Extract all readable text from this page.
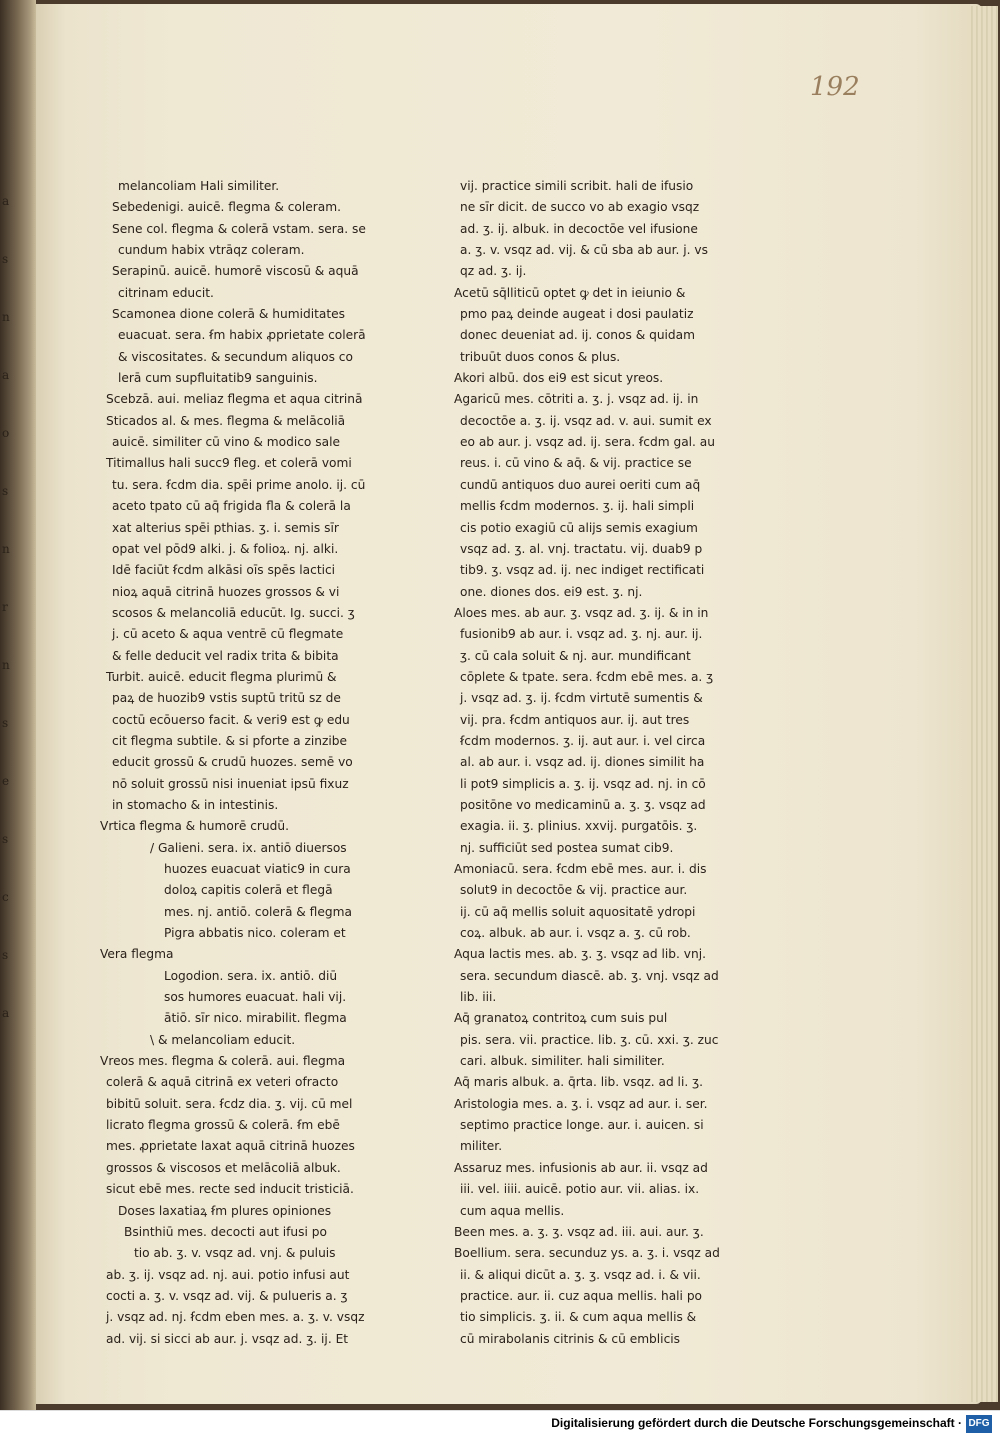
a
s
n
a
o
s
n
r
n
s
e
s
c
s
a
192
melancoliam Hali similiter.
Sebedenigi. auicē. flegma & coleram.
Sene col. flegma & colerā vstam. sera. se
cundum habix vtrāqz coleram.
Serapinū. auicē. humorē viscosū & aquā
citrinam educit.
Scamonea dione colerā & humiditates
euacuat. sera. ẜm habix ꝓprietate colerā
& viscositates. & secundum aliquos co
lerā cum supfluitatib9 sanguinis.
Scebzā. aui. meliaz flegma et aqua citrinā
Sticados al. & mes. flegma & melācoliā
auicē. similiter cū vino & modico sale
Titimallus hali succ9 fleg. et colerā vomi
tu. sera. ẜcdm dia. spēi prime anolo. ij. cū
aceto tpato cū aq̄ frigida fla & colerā la
xat alterius spēi pthias. ʒ. i. semis sīr
opat vel pōd9 alki. j. & folioꝝ. nj. alki.
Idē faciūt ẜcdm alkāsi oīs spēs lactici
nioꝝ aquā citrinā huozes grossos & vi
scosos & melancoliā educūt. Ig. succi. ʒ
j. cū aceto & aqua ventrē cū flegmate
& felle deducit vel radix trita & bibita
Turbit. auicē. educit flegma plurimū &
paꝝ de huozib9 vstis suptū tritū sz de
coctū ecōuerso facit. & veri9 est ꝙ edu
cit flegma subtile. & si pforte a zinzibe
educit grossū & crudū huozes. semē vo
nō soluit grossū nisi inueniat ipsū fixuz
in stomacho & in intestinis.
Vrtica flegma & humorē crudū.
/ Galieni. sera. ix. antiō diuersos
huozes euacuat viatic9 in cura
doloꝝ capitis colerā et flegā
mes. nj. antiō. colerā & flegma
Pigra abbatis nico. coleram et
Vera flegma
Logodion. sera. ix. antiō. diū
sos humores euacuat. hali vij.
ātiō. sīr nico. mirabilit. flegma
\ & melancoliam educit.
Vreos mes. flegma & colerā. aui. flegma
colerā & aquā citrinā ex veteri ofracto
bibitū soluit. sera. ẜcdz dia. ʒ. vij. cū mel
licrato flegma grossū & colerā. ẜm ebē
mes. ꝓprietate laxat aquā citrinā huozes
grossos & viscosos et melācoliā albuk.
sicut ebē mes. recte sed inducit tristiciā.
Doses laxatiaꝝ ẜm plures opiniones
Bsinthiū mes. decocti aut ifusi po
tio ab. ʒ. v. vsqz ad. vnj. & puluis
ab. ʒ. ij. vsqz ad. nj. aui. potio infusi aut
cocti a. ʒ. v. vsqz ad. vij. & pulueris a. ʒ
j. vsqz ad. nj. ẜcdm eben mes. a. ʒ. v. vsqz
ad. vij. si sicci ab aur. j. vsqz ad. ʒ. ij. Et
vij. practice simili scribit. hali de ifusio
ne sīr dicit. de succo vo ab exagio vsqz
ad. ʒ. ij. albuk. in decoctōe vel ifusione
a. ʒ. v. vsqz ad. vij. & cū sba ab aur. j. vs
qz ad. ʒ. ij.
Acetū sq̄lliticū optet ꝙ det in ieiunio &
pmo paꝝ deinde augeat i dosi paulatiz
donec deueniat ad. ij. conos & quidam
tribuūt duos conos & plus.
Akori albū. dos ei9 est sicut yreos.
Agaricū mes. cōtriti a. ʒ. j. vsqz ad. ij. in
decoctōe a. ʒ. ij. vsqz ad. v. aui. sumit ex
eo ab aur. j. vsqz ad. ij. sera. ẜcdm gal. au
reus. i. cū vino & aq̄. & vij. practice se
cundū antiquos duo aurei oeriti cum aq̄
mellis ẜcdm modernos. ʒ. ij. hali simpli
cis potio exagiū cū alijs semis exagium
vsqz ad. ʒ. al. vnj. tractatu. vij. duab9 p
tib9. ʒ. vsqz ad. ij. nec indiget rectificati
one. diones dos. ei9 est. ʒ. nj.
Aloes mes. ab aur. ʒ. vsqz ad. ʒ. ij. & in in
fusionib9 ab aur. i. vsqz ad. ʒ. nj. aur. ij.
ʒ. cū cala soluit & nj. aur. mundificant
cōplete & tpate. sera. ẜcdm ebē mes. a. ʒ
j. vsqz ad. ʒ. ij. ẜcdm virtutē sumentis &
vij. pra. ẜcdm antiquos aur. ij. aut tres
ẜcdm modernos. ʒ. ij. aut aur. i. vel circa
al. ab aur. i. vsqz ad. ij. diones similit ha
li pot9 simplicis a. ʒ. ij. vsqz ad. nj. in cō
positōne vo medicaminū a. ʒ. ʒ. vsqz ad
exagia. ii. ʒ. plinius. xxvij. purgatōis. ʒ.
nj. sufficiūt sed postea sumat cib9.
Amoniacū. sera. ẜcdm ebē mes. aur. i. dis
solut9 in decoctōe & vij. practice aur.
ij. cū aq̄ mellis soluit aquositatē ydropi
coꝝ. albuk. ab aur. i. vsqz a. ʒ. cū rob.
Aqua lactis mes. ab. ʒ. ʒ. vsqz ad lib. vnj.
sera. secundum diascē. ab. ʒ. vnj. vsqz ad
lib. iii.
Aq̄ granatoꝝ contritoꝝ cum suis pul
pis. sera. vii. practice. lib. ʒ. cū. xxi. ʒ. zuc
cari. albuk. similiter. hali similiter.
Aq̄ maris albuk. a. q̄rta. lib. vsqz. ad li. ʒ.
Aristologia mes. a. ʒ. i. vsqz ad aur. i. ser.
septimo practice longe. aur. i. auicen. si
militer.
Assaruz mes. infusionis ab aur. ii. vsqz ad
iii. vel. iiii. auicē. potio aur. vii. alias. ix.
cum aqua mellis.
Been mes. a. ʒ. ʒ. vsqz ad. iii. aui. aur. ʒ.
Boellium. sera. secunduz ys. a. ʒ. i. vsqz ad
ii. & aliqui dicūt a. ʒ. ʒ. vsqz ad. i. & vii.
practice. aur. ii. cuz aqua mellis. hali po
tio simplicis. ʒ. ii. & cum aqua mellis &
cū mirabolanis citrinis & cū emblicis
Digitalisierung gefördert durch die Deutsche Forschungsgemeinschaft · DFG
